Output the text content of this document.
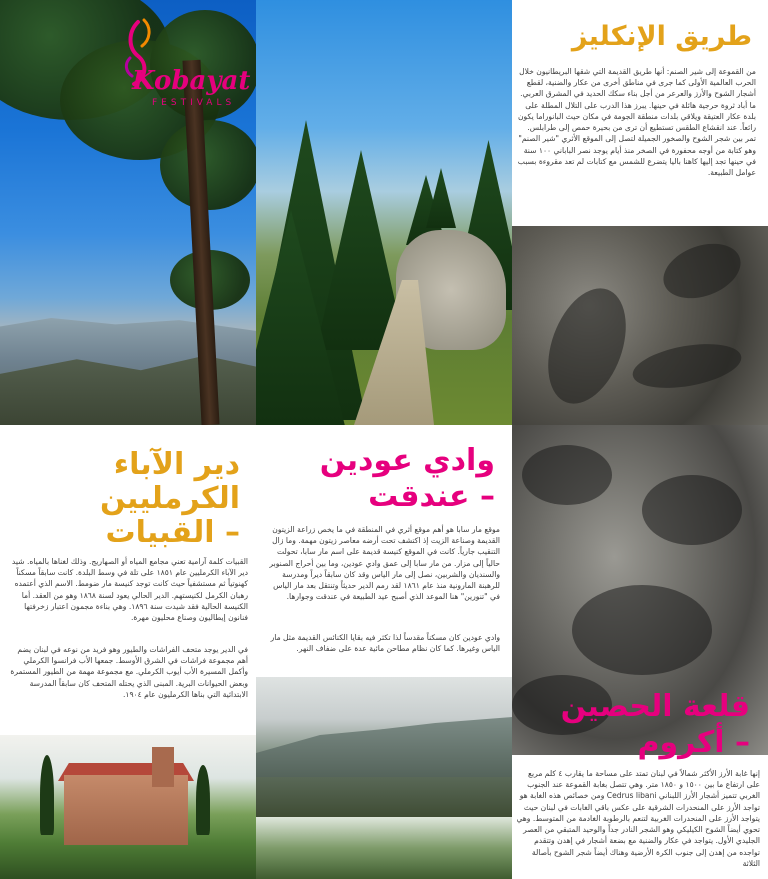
Kobayat
FESTIVALS
مهرجانات القبيات
يوم البيئي
طريق الإنكليز
من القموعة إلى شير الصنم: أنها طريق القديمة التي شقها البريطانيون خلال الحرب العالمية الأولى كما جرى في مناطق أخرى من عكار والضنية، لقطع أشجار الشوح والأرز والعرعر من أجل بناء سكك الحديد في المشرق العربي. ما أباد ثروة حرجية هائلة في حينها. يبرز هذا الدرب على التلال المطلة على بلدة عكار العتيقة ويلاقي بلدات منطقة الجومة في مكان حيث البانوراما يكون رائعاً. عند انقشاع الطقس تستطيع أن ترى من بحيرة حمص إلى طرابلس. تمر بين شجر الشوح والصخور الجميلة لتصل إلى الموقع الأثري "شير الصنم" وهو كتابة من أوجه محفورة في الصخر منذ أيام يوجد نصر الباباني ١٠٠ سنة في حينها تجد إليها كاهنا باليا يتضرع للشمس مع كتابات لم تعد مقروءة بسبب عوامل الطبيعة.
وادي عودين
– عندقت
موقع مار سابا هو أهم موقع أثري في المنطقة في ما يخص زراعة الزيتون القديمة وصناعة الزيت إذ اكتشف تحت أرضه معاصر زيتون مهمة. وما زال التنقيب جارياً. كانت في الموقع كنيسة قديمة على اسم مار سابا، تحولت حالياً إلى مزار. من مار سابا إلى عمق وادي عودين، وما بين أحراج الصنوبر والسنديان والشربين، نصل إلى مار الياس وقد كان سابقاً ديراً ومدرسة للرهبنة المارونية منذ عام ١٨٦١ لقد رمم الدير حديثاً وتنتقل بعد مار الياس في "تنورين" هنا الموعد الذي أصبح عيد الطبيعة في عندقت وجوارها.
وادي عودين كان مسكناً مقدساً لذا تكثر فيه بقايا الكنائس القديمة مثل مار الياس وغيرها. كما كان نظام مطاحن مائية عدة على ضفاف النهر.
دير الآباء
الكرمليين
– القبيات
القبيات كلمة آرامية تعني مجامع المياه أو الصهاريج. وذلك لغناها بالمياه. شيد دير الآباء الكرمليين عام ١٨٥١ على تلة في وسط البلدة. كانت سابقاً مسكناً كهنوتياً ثم مستشفياً حيث كانت توجد كنيسة مار ضومط. الاسم الذي أعتمده رهبان الكرمل لكنيستهم. الدير الحالي يعود لسنة ١٨٦٨ وهو من العقد. أما الكنيسة الحالية فقد شيدت سنة ١٨٩٦. وهي بناءة مجمون اعتبار زخرفتها فنانون إيطاليون وصناع محليون مهرة.
في الدير يوجد متحف الفراشات والطيور وهو فريد من نوعه في لبنان يضم أهم مجموعة فراشات في الشرق الأوسط. جمعها الأب فرانسوا الكرملي وأكمل المسيرة الأب أيوب الكرملي. مع مجموعة مهمة من الطيور المستمرة وبعض الحيوانات البرية. المبنى الذي يحتله المتحف كان سابقاً المدرسة الابتدائية التي بناها الكرمليون عام ١٩٠٤.	قلعة الحصين
– أكروم
إنها غابة الأرز الأكثر شمالاً في لبنان تمتد على مساحة ما يقارب ٤ كلم مربع على ارتفاع ما بين ١٥٠٠ و ١٨٥٠ متر. وهي تتصل بغابة القموعة عند الجنوب الغربي تتميز أشجار الأرز اللبناني Cedrus libani ومن خصائص هذه الغابة هو تواجد الأرز على المنحدرات الشرقية على عكس باقي الغابات في لبنان حيث يتواجد الأرز على المنحدرات الغربية لتنعم بالرطوبة الغادمة من المتوسط. وهي تحوي أيضاً الشوح الكيليكي وهو الشجر النادر جداً والوحيد المتبقي من العصر الجليدي الأول. يتواجد في عكار والضنية مع بضعة أشجار في إهدن وتتقدم تواجده من إهدن إلى جنوب الكرة الأرضية وهناك أيضاً شجر الشوح بأصالة الثلاثة
